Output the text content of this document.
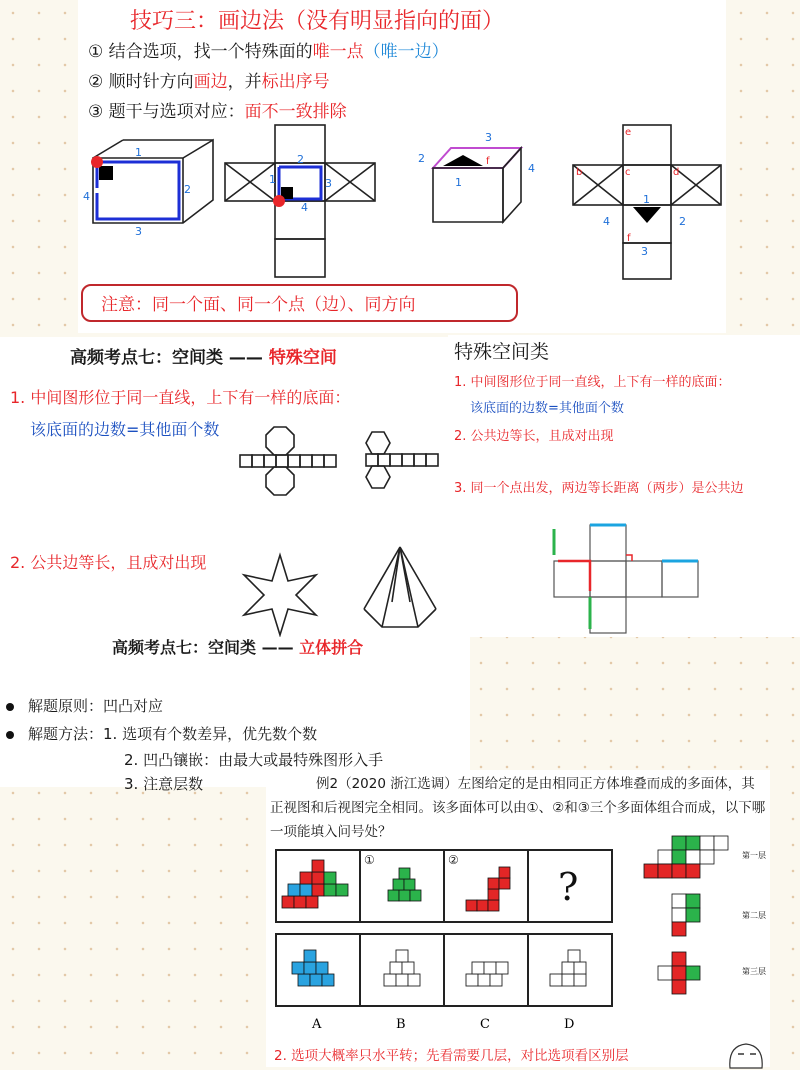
技巧三：画边法（没有明显指向的面）
① 结合选项，找一个特殊面的唯一点（唯一边）
② 顺时针方向画边，并标出序号
③ 题干与选项对应：面不一致排除
1
2
3
4
1
2
3
4
3
2	f
4
1
e
b	c	d
1
4	2
f
3
注意：同一个面、同一个点（边）、同方向
高频考点七：空间类 —— 特殊空间
1. 中间图形位于同一直线，上下有一样的底面：
该底面的边数=其他面个数
2. 公共边等长，且成对出现
特殊空间类
1. 中间图形位于同一直线，上下有一样的底面：
该底面的边数=其他面个数
2. 公共边等长，且成对出现
3. 同一个点出发，两边等长距离（两步）是公共边
高频考点七：空间类 —— 立体拼合
解题原则：凹凸对应
解题方法：1. 选项有个数差异，优先数个数
2. 凹凸镶嵌：由最大或最特殊图形入手
3. 注意层数	例2（2020 浙江选调）左图给定的是由相同正方体堆叠而成的多面体，其正视图和后视图完全相同。该多面体可以由①、②和③三个多面体组合而成，以下哪一项能填入问号处？
①	②
?
A	B	C	D
第一层
第二层
第三层
2. 选项大概率只水平转；先看需要几层，对比选项看区别层
